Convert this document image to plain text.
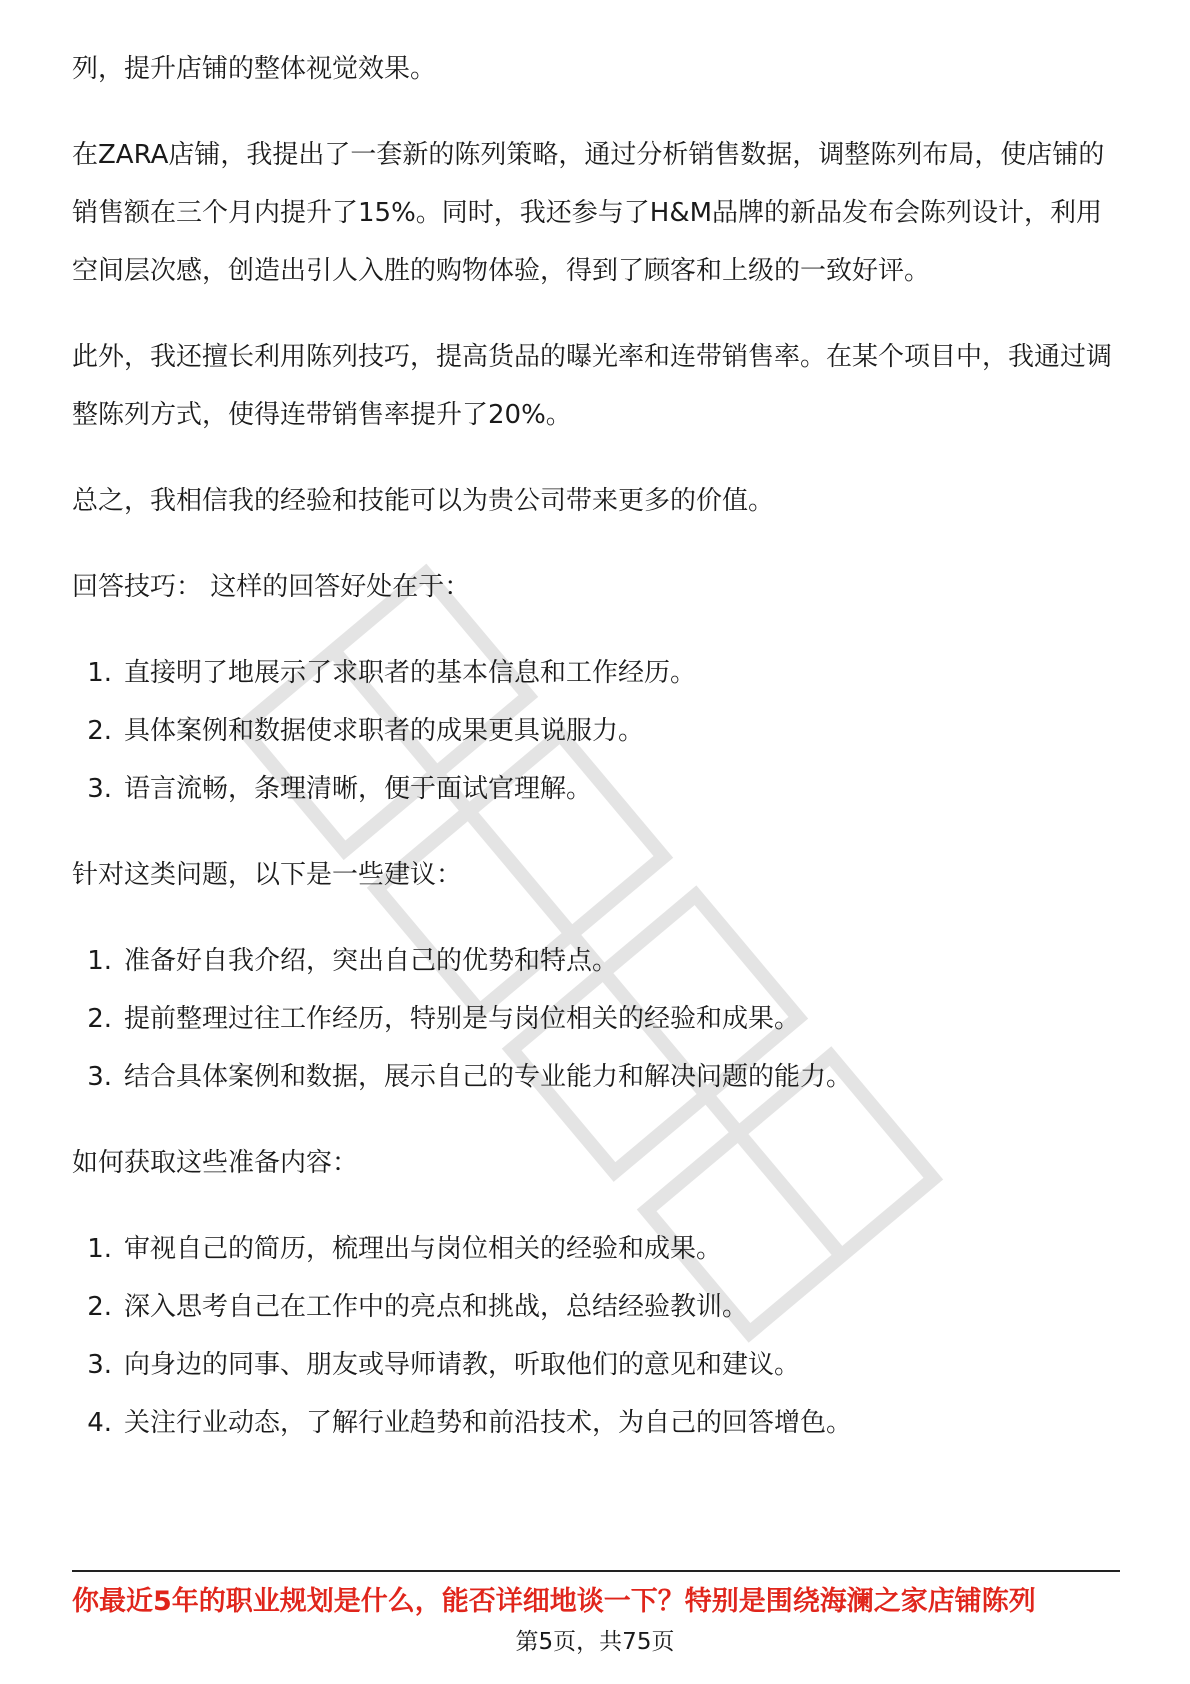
列，提升店铺的整体视觉效果。

在ZARA店铺，我提出了一套新的陈列策略，通过分析销售数据，调整陈列布局，使店铺的销售额在三个月内提升了15%。同时，我还参与了H&M品牌的新品发布会陈列设计，利用空间层次感，创造出引人入胜的购物体验，得到了顾客和上级的一致好评。

此外，我还擅长利用陈列技巧，提高货品的曝光率和连带销售率。在某个项目中，我通过调整陈列方式，使得连带销售率提升了20%。

总之，我相信我的经验和技能可以为贵公司带来更多的价值。

回答技巧： 这样的回答好处在于：

1. 直接明了地展示了求职者的基本信息和工作经历。
2. 具体案例和数据使求职者的成果更具说服力。
3. 语言流畅，条理清晰，便于面试官理解。

针对这类问题，以下是一些建议：

1. 准备好自我介绍，突出自己的优势和特点。
2. 提前整理过往工作经历，特别是与岗位相关的经验和成果。
3. 结合具体案例和数据，展示自己的专业能力和解决问题的能力。

如何获取这些准备内容：

1. 审视自己的简历，梳理出与岗位相关的经验和成果。
2. 深入思考自己在工作中的亮点和挑战，总结经验教训。
3. 向身边的同事、朋友或导师请教，听取他们的意见和建议。
4. 关注行业动态，了解行业趋势和前沿技术，为自己的回答增色。
你最近5年的职业规划是什么，能否详细地谈一下？特别是围绕海澜之家店铺陈列
第5页，共75页
